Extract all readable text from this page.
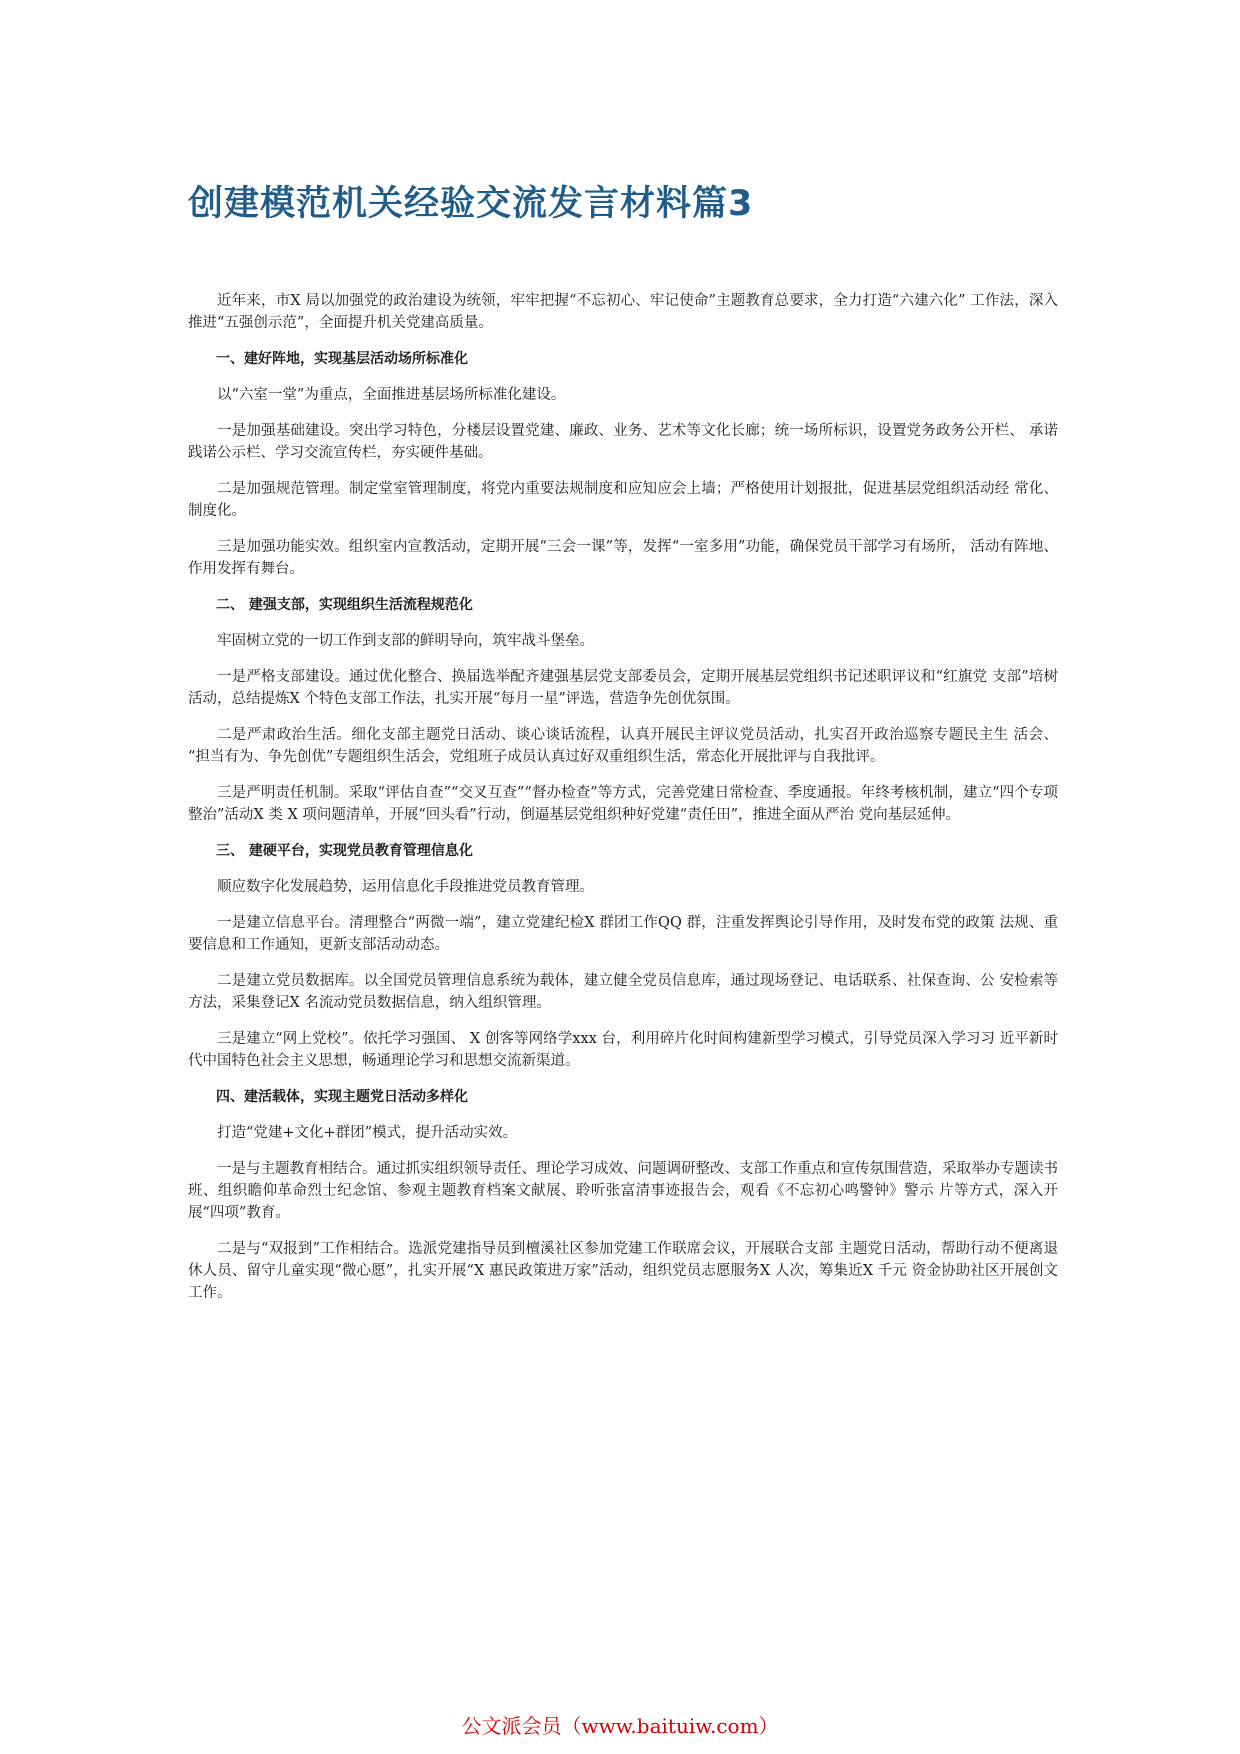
创建模范机关经验交流发言材料篇3

近年来，市X 局以加强党的政治建设为统领，牢牢把握“不忘初心、牢记使命”主题教育总要求，全力打造“六建六化” 工作法，深入推进“五强创示范”，全面提升机关党建高质量。

一、建好阵地，实现基层活动场所标准化

以“六室一堂”为重点，全面推进基层场所标准化建设。

一是加强基础建设。突出学习特色，分楼层设置党建、廉政、业务、艺术等文化长廊；统一场所标识，设置党务政务公开栏、 承诺践诺公示栏、学习交流宣传栏，夯实硬件基础。

二是加强规范管理。制定堂室管理制度，将党内重要法规制度和应知应会上墙；严格使用计划报批，促进基层党组织活动经 常化、制度化。

三是加强功能实效。组织室内宣教活动，定期开展“三会一课”等，发挥“一室多用”功能，确保党员干部学习有场所， 活动有阵地、作用发挥有舞台。

二、 建强支部，实现组织生活流程规范化

牢固树立党的一切工作到支部的鲜明导向，筑牢战斗堡垒。

一是严格支部建设。通过优化整合、换届选举配齐建强基层党支部委员会，定期开展基层党组织书记述职评议和“红旗党 支部”培树活动，总结提炼X 个特色支部工作法，扎实开展“每月一星”评选，营造争先创优氛围。

二是严肃政治生活。细化支部主题党日活动、谈心谈话流程，认真开展民主评议党员活动，扎实召开政治巡察专题民主生 活会、 “担当有为、争先创优”专题组织生活会，党组班子成员认真过好双重组织生活，常态化开展批评与自我批评。

三是严明责任机制。采取“评估自查”“交叉互查”“督办检查”等方式，完善党建日常检查、季度通报。年终考核机制，建立“四个专项整治”活动X 类 X 项问题清单，开展“回头看”行动，倒逼基层党组织种好党建“责任田”，推进全面从严治 党向基层延伸。

三、 建硬平台，实现党员教育管理信息化

顺应数字化发展趋势，运用信息化手段推进党员教育管理。

一是建立信息平台。清理整合“两微一端”，建立党建纪检X 群团工作QQ 群，注重发挥舆论引导作用，及时发布党的政策 法规、重要信息和工作通知，更新支部活动动态。

二是建立党员数据库。以全国党员管理信息系统为载体，建立健全党员信息库，通过现场登记、电话联系、社保查询、公 安检索等方法，采集登记X 名流动党员数据信息，纳入组织管理。

三是建立“网上党校”。依托学习强国、 X 创客等网络学xxx 台，利用碎片化时间构建新型学习模式，引导党员深入学习习 近平新时代中国特色社会主义思想，畅通理论学习和思想交流新渠道。

四、建活载体，实现主题党日活动多样化

打造“党建+文化+群团”模式，提升活动实效。

一是与主题教育相结合。通过抓实组织领导责任、理论学习成效、问题调研整改、支部工作重点和宣传氛围营造，采取举办专题读书班、组织瞻仰革命烈士纪念馆、参观主题教育档案文献展、聆听张富清事迹报告会，观看《不忘初心鸣警钟》警示 片等方式，深入开展“四项”教育。

二是与“双报到”工作相结合。选派党建指导员到檀溪社区参加党建工作联席会议，开展联合支部 主题党日活动，帮助行动不便离退休人员、留守儿童实现“微心愿”，扎实开展“X 惠民政策进万家”活动，组织党员志愿服务X 人次，筹集近X 千元 资金协助社区开展创文工作。

公文派会员（www.baituiw.com）
